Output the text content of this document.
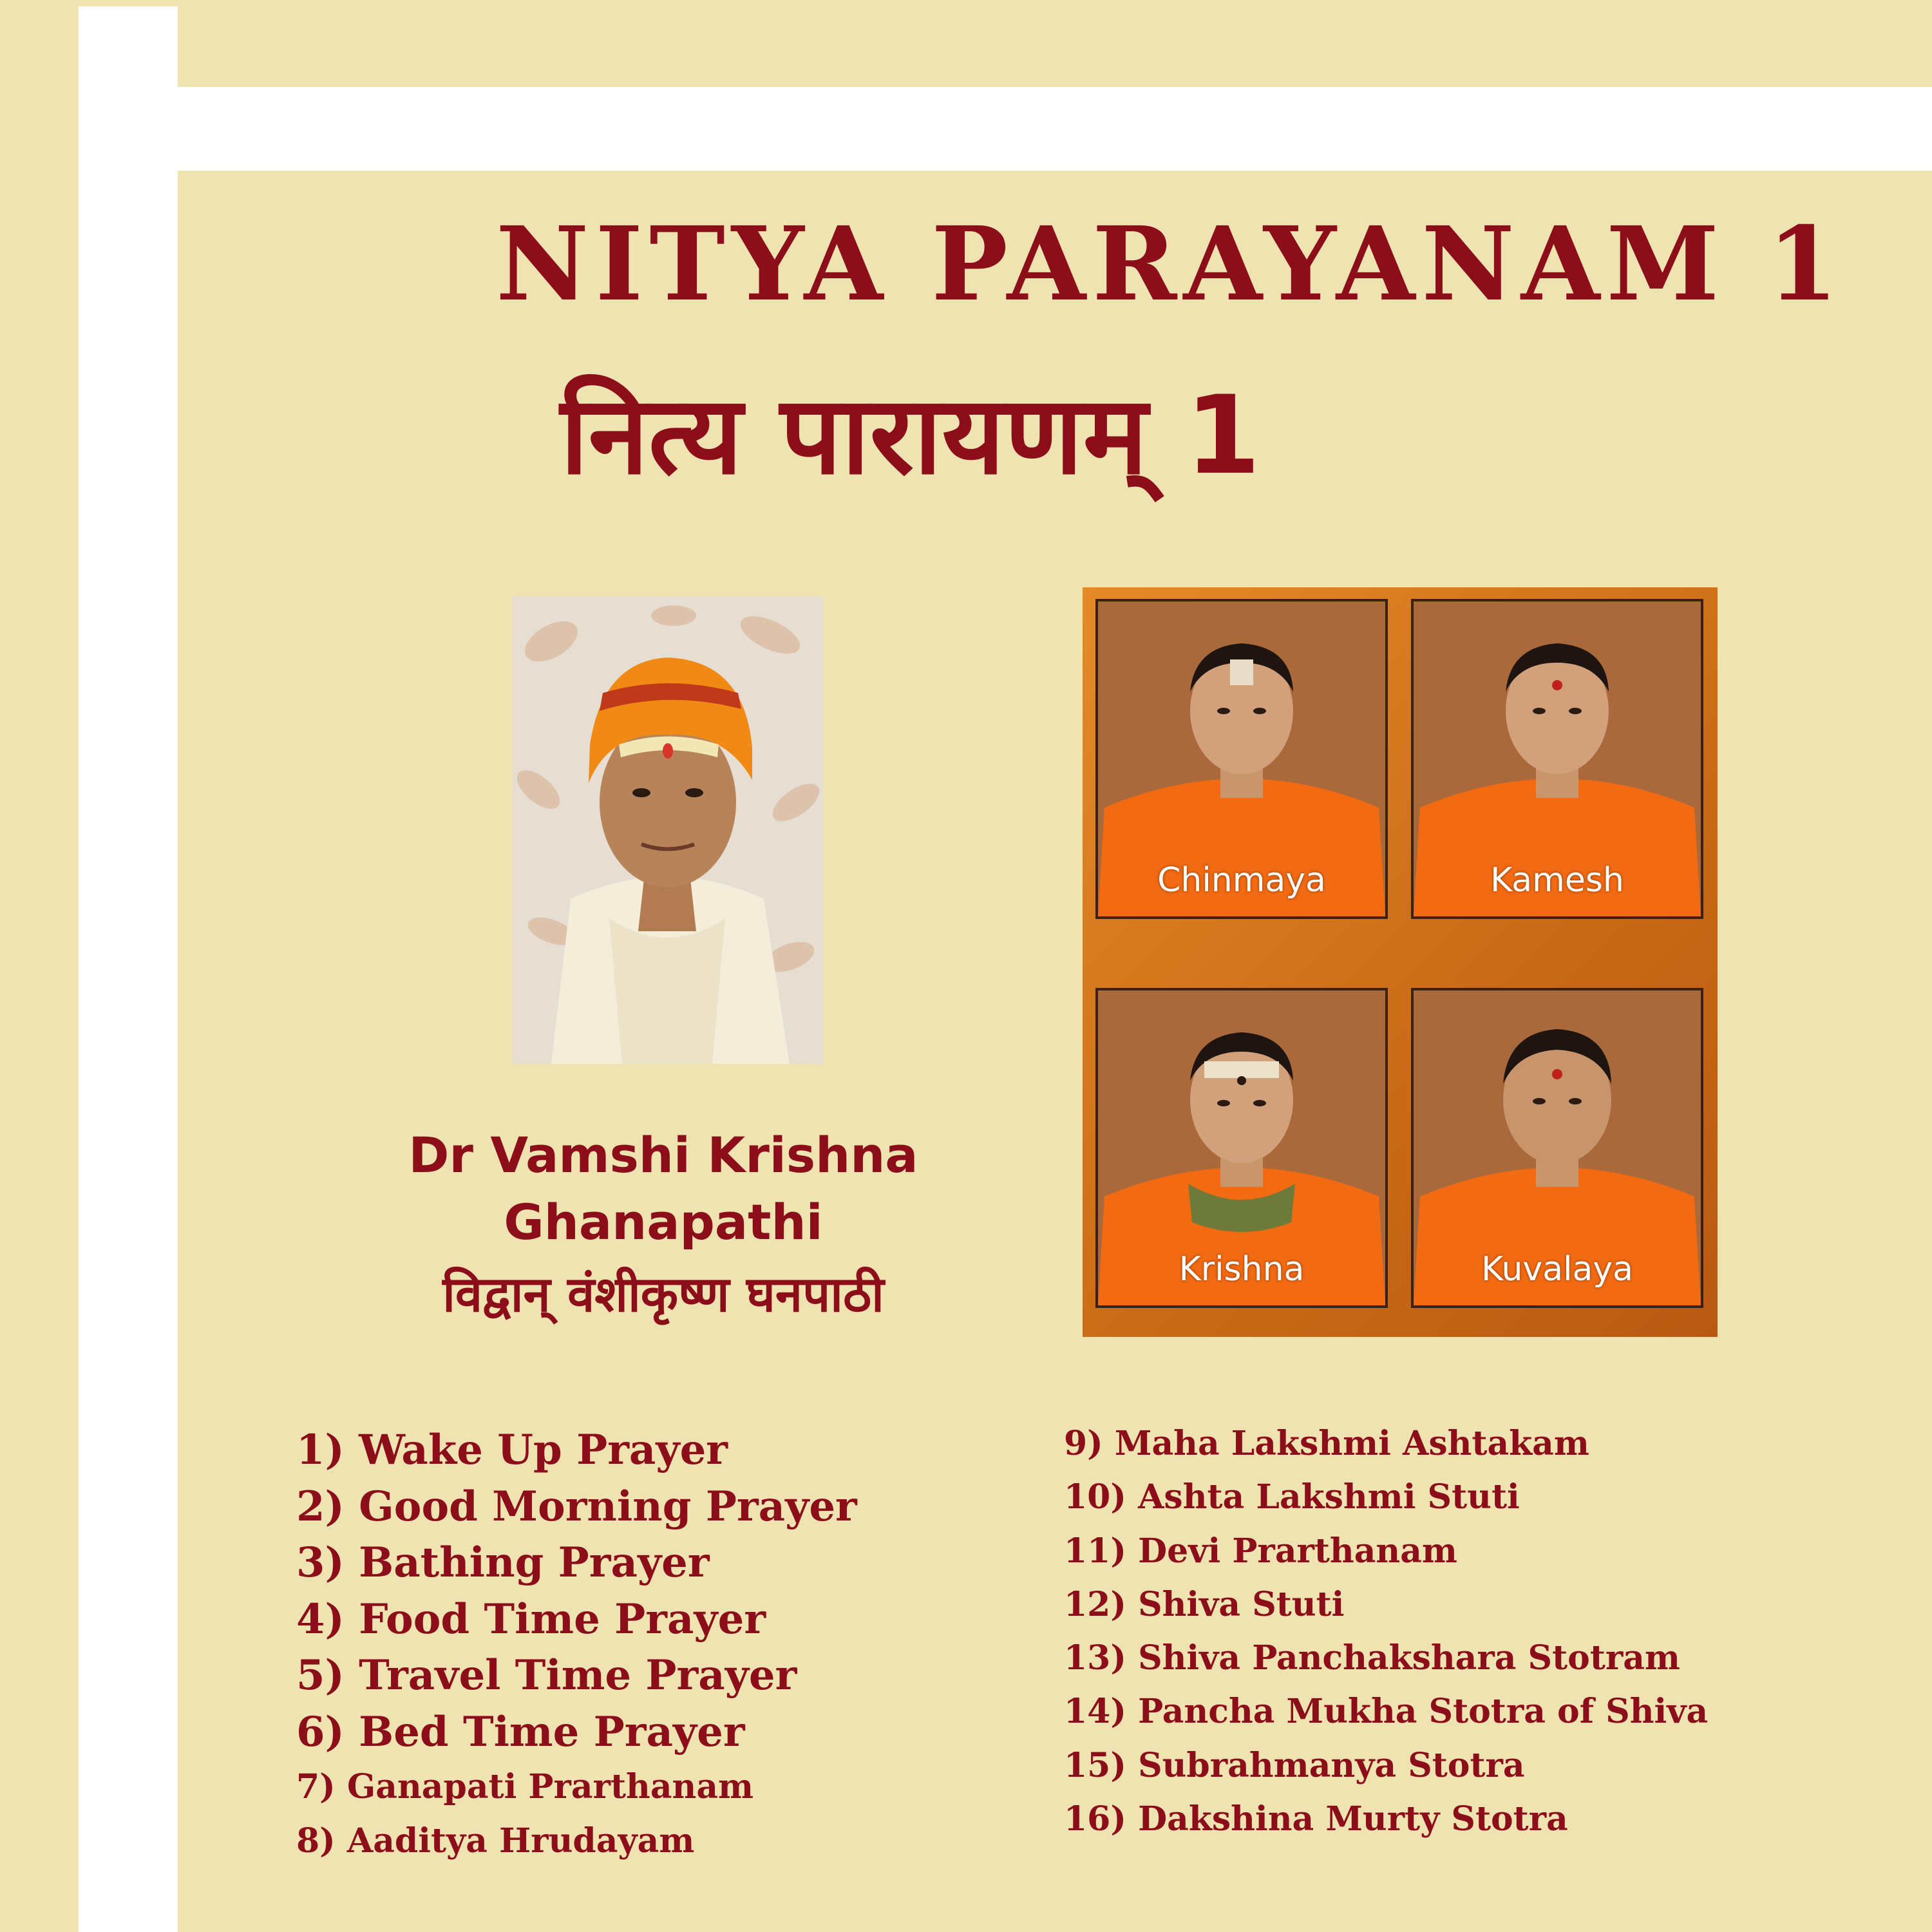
NITYA PARAYANAM 1
नित्य पारायणम् 1
Chinmaya	Kamesh
Krishna	Kuvalaya
Dr Vamshi Krishna
Ghanapathi
विद्वान् वंशीकृष्ण घनपाठी
1) Wake Up Prayer
2) Good Morning Prayer
3) Bathing Prayer
4) Food Time Prayer
5) Travel Time Prayer
6) Bed Time Prayer
7) Ganapati Prarthanam
8) Aaditya Hrudayam
9) Maha Lakshmi Ashtakam
10) Ashta Lakshmi Stuti
11) Devi Prarthanam
12) Shiva Stuti
13) Shiva Panchakshara Stotram
14) Pancha Mukha Stotra of Shiva
15) Subrahmanya Stotra
16) Dakshina Murty Stotra
